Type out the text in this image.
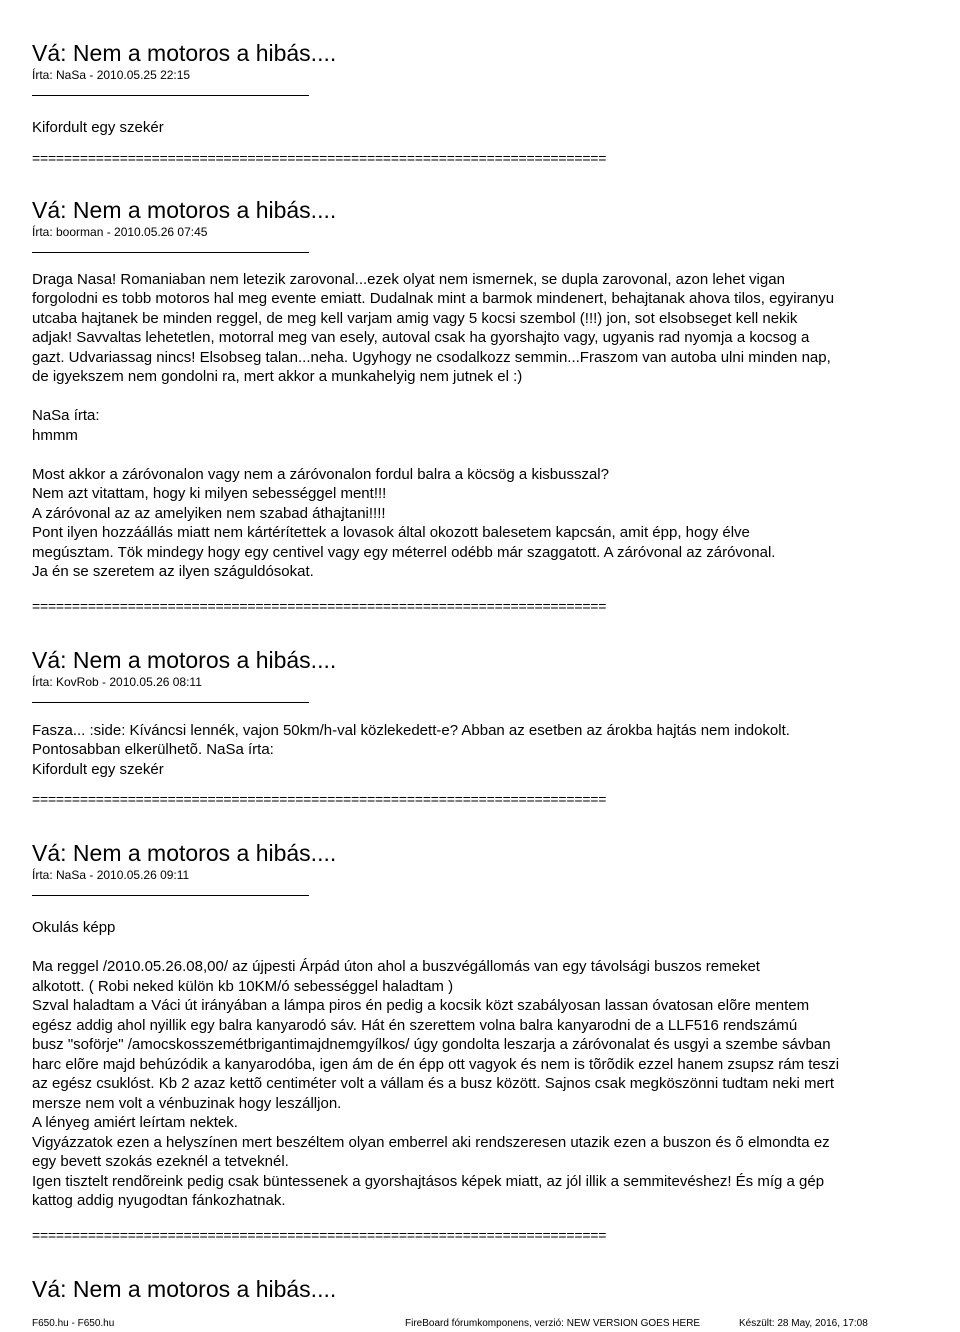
Vá: Nem a motoros a hibás....
Írta: NaSa - 2010.05.25 22:15
Kifordult egy szekér
========================================================================
Vá: Nem a motoros a hibás....
Írta: boorman - 2010.05.26 07:45
Draga Nasa! Romaniaban nem letezik zarovonal...ezek olyat nem ismernek, se dupla zarovonal, azon lehet vigan
forgolodni es tobb motoros hal meg evente emiatt. Dudalnak mint a barmok mindenert, behajtanak ahova tilos, egyiranyu
utcaba hajtanek be minden reggel, de meg kell varjam amig vagy 5 kocsi szembol (!!!) jon, sot elsobseget kell nekik
adjak! Savvaltas lehetetlen, motorral meg van esely, autoval csak ha gyorshajto vagy, ugyanis rad nyomja a kocsog a
gazt. Udvariassag nincs! Elsobseg talan...neha. Ugyhogy ne csodalkozz semmin...Fraszom van autoba ulni minden nap,
de igyekszem nem gondolni ra, mert akkor a munkahelyig nem jutnek el :)

NaSa írta:
hmmm

Most akkor a záróvonalon vagy nem a záróvonalon fordul balra a köcsög a kisbusszal?
Nem azt vitattam, hogy ki milyen sebességgel ment!!!
A záróvonal az az amelyiken nem szabad áthajtani!!!!
Pont ilyen hozzáállás miatt nem kártérítettek a lovasok által okozott balesetem kapcsán, amit épp, hogy élve
megúsztam. Tök mindegy hogy egy centivel vagy egy méterrel odébb már szaggatott. A záróvonal az záróvonal.
Ja én se szeretem az ilyen száguldósokat.
========================================================================
Vá: Nem a motoros a hibás....
Írta: KovRob - 2010.05.26 08:11
Fasza... :side: Kíváncsi lennék, vajon 50km/h-val közlekedett-e? Abban az esetben az árokba hajtás nem indokolt.
Pontosabban elkerülhetõ. NaSa írta:
Kifordult egy szekér
========================================================================
Vá: Nem a motoros a hibás....
Írta: NaSa - 2010.05.26 09:11
Okulás képp

Ma reggel /2010.05.26.08,00/ az újpesti Árpád úton ahol a buszvégállomás van egy távolsági buszos remeket
alkotott. ( Robi neked külön kb 10KM/ó sebességgel haladtam )
Szval haladtam a Váci út irányában a lámpa piros én pedig a kocsik közt szabályosan lassan óvatosan elõre mentem
egész addig ahol nyillik egy balra kanyarodó sáv. Hát én szerettem volna balra kanyarodni de a LLF516 rendszámú
busz "soförje" /amocskosszemétbrigantimajdnemgyílkos/ úgy gondolta leszarja a záróvonalat és usgyi a szembe sávban
harc elõre majd behúzódik a kanyarodóba, igen ám de én épp ott vagyok és nem is tõrõdik ezzel hanem zsupsz rám teszi
az egész csuklóst. Kb 2 azaz kettõ centiméter volt a vállam és a busz között. Sajnos csak megköszönni tudtam neki mert
mersze nem volt a vénbuzinak hogy leszálljon.
A lényeg amiért leírtam nektek.
Vigyázzatok ezen a helyszínen mert beszéltem olyan emberrel aki rendszeresen utazik ezen a buszon és õ elmondta ez
egy bevett szokás ezeknél a tetveknél.
Igen tisztelt rendõreink pedig csak büntessenek a gyorshajtásos képek miatt, az jól illik a semmitevéshez! És míg a gép
kattog addig nyugodtan fánkozhatnak.
========================================================================
Vá: Nem a motoros a hibás....
F650.hu - F650.hu	FireBoard fórumkomponens, verzió: NEW VERSION GOES HERE	Készült: 28 May, 2016, 17:08
